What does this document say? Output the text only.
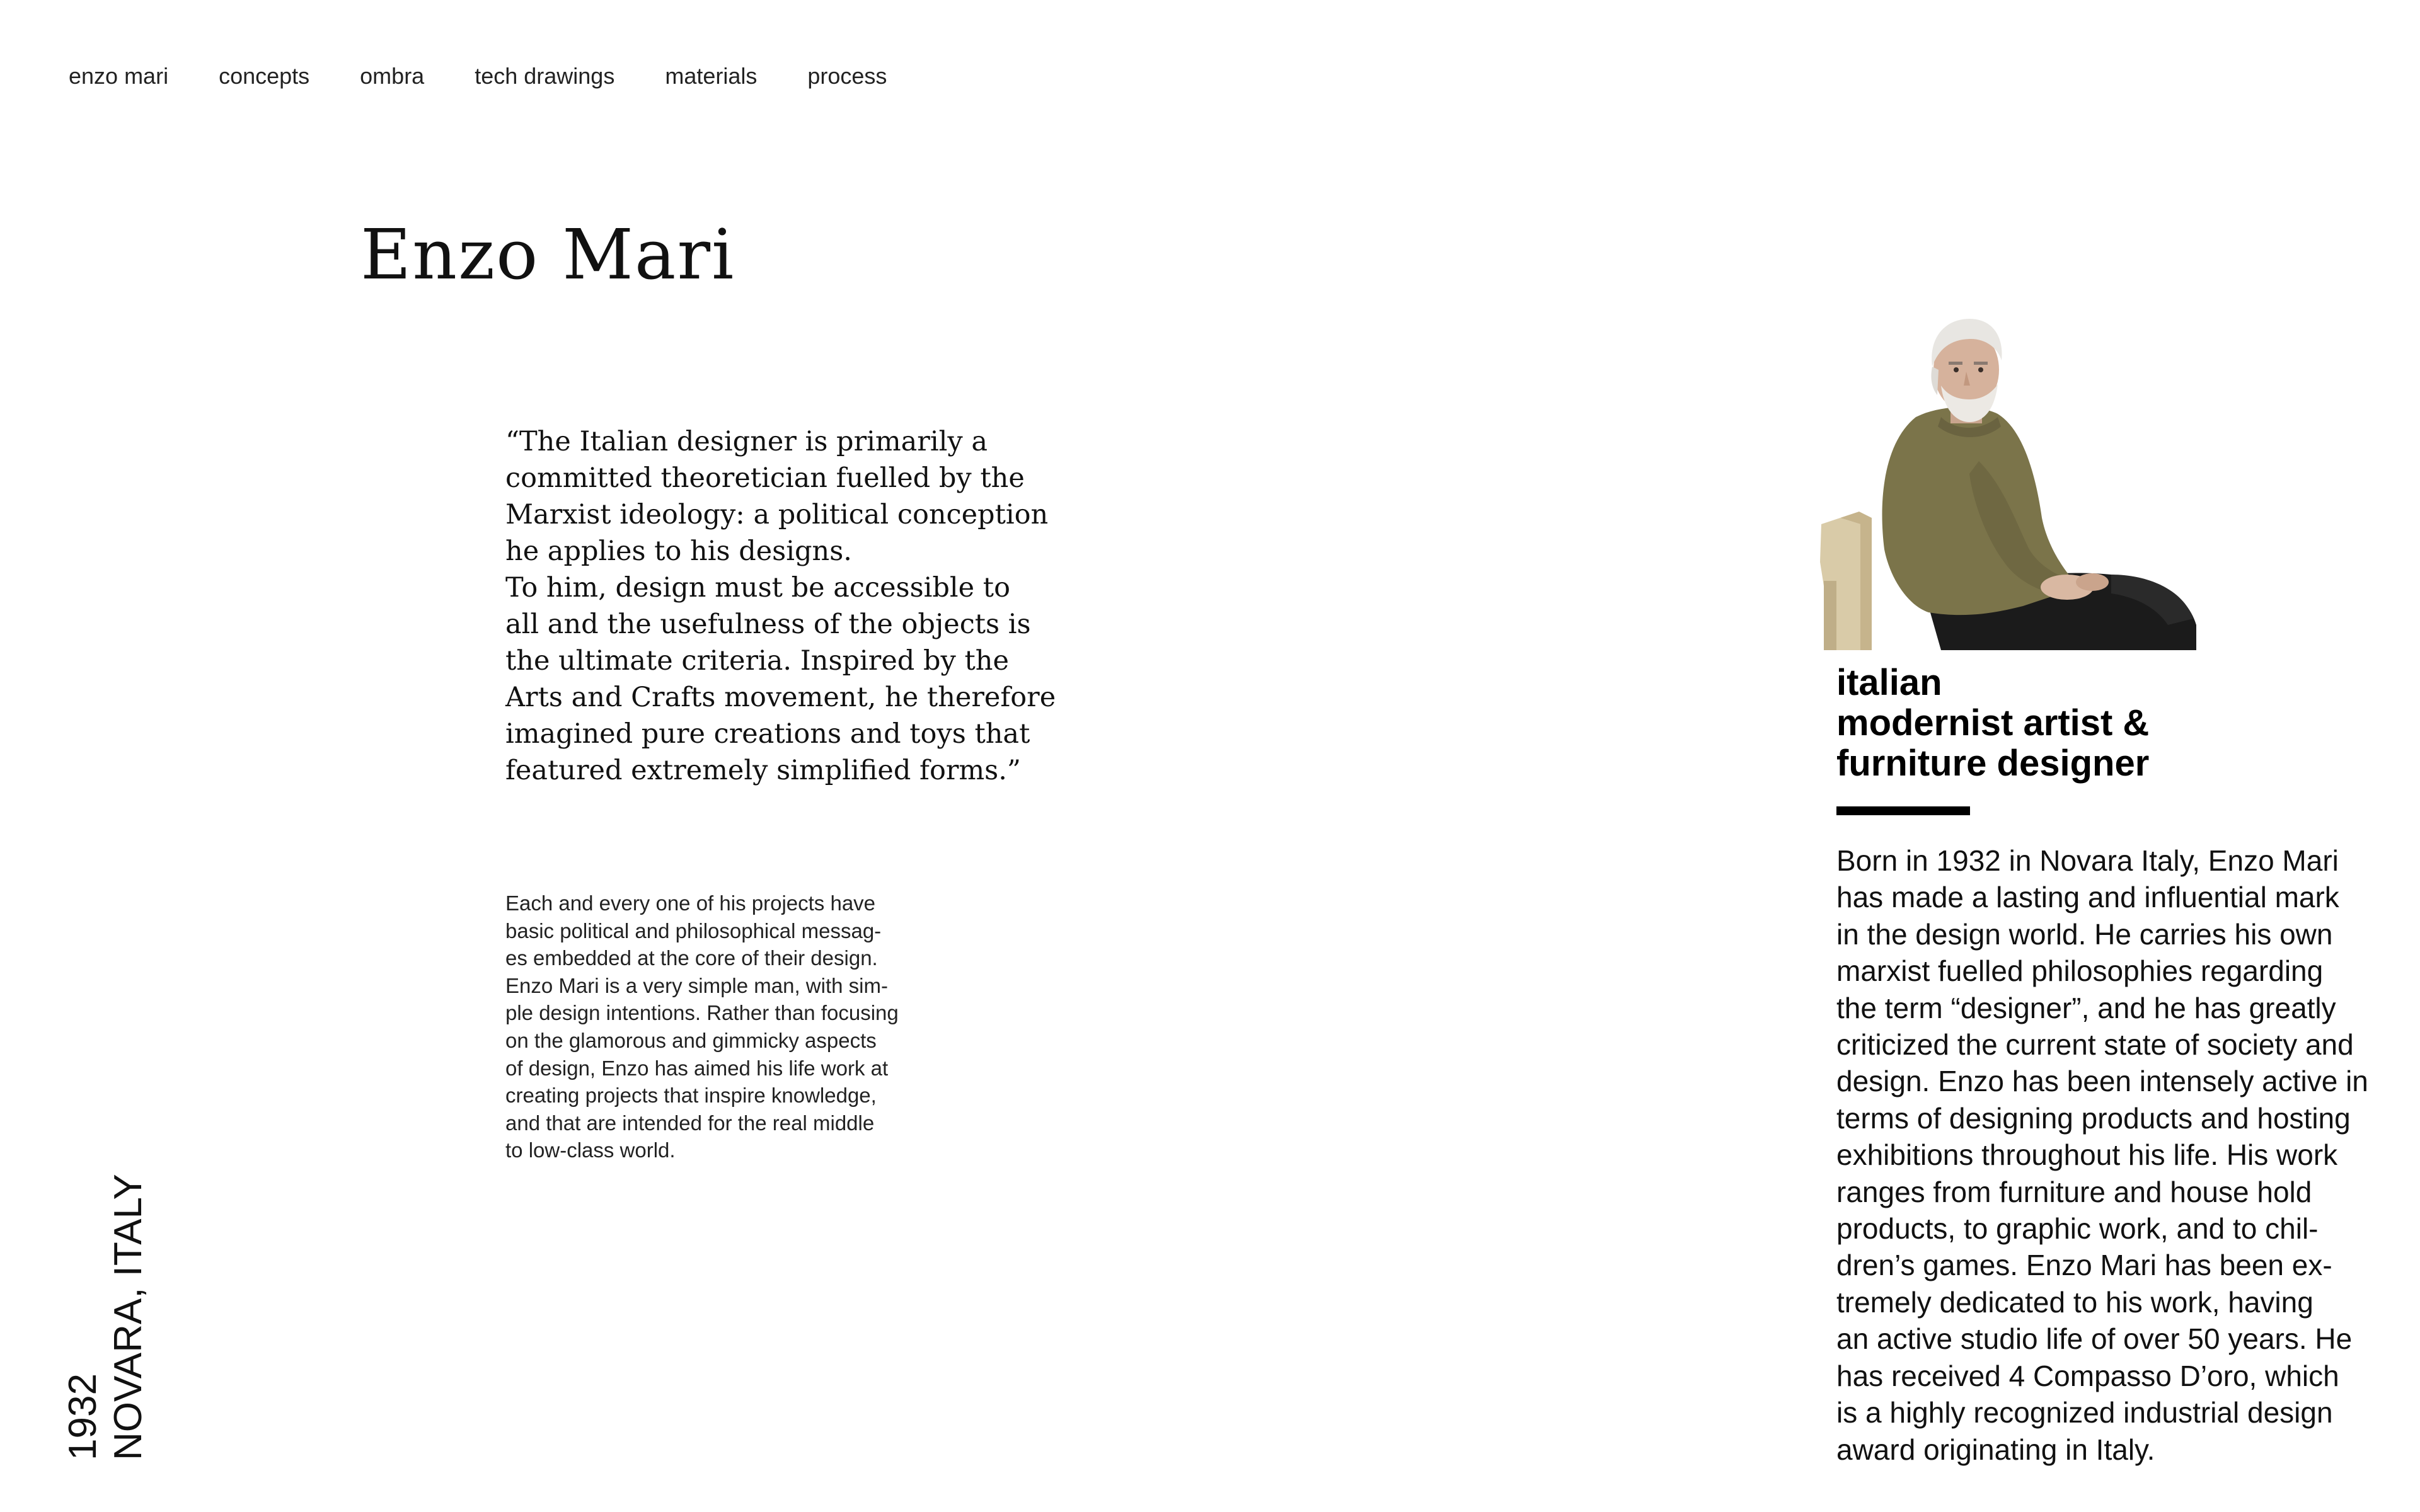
enzo mari concepts ombra tech drawings materials process
Enzo Mari

“The Italian designer is primarily a
committed theoretician fuelled by the
Marxist ideology: a political conception
he applies to his designs.
To him, design must be accessible to
all and the usefulness of the objects is
the ultimate criteria. Inspired by the
Arts and Crafts movement, he therefore
imagined pure creations and toys that
featured extremely simplified forms.”

Each and every one of his projects have
basic political and philosophical messag-
es embedded at the core of their design.
Enzo Mari is a very simple man, with sim-
ple design intentions. Rather than focusing
on the glamorous and gimmicky aspects
of design, Enzo has aimed his life work at
creating projects that inspire knowledge,
and that are intended for the real middle
to low-class world.

1932 NOVARA, ITALY
italian
modernist artist &
furniture designer

Born in 1932 in Novara Italy, Enzo Mari
has made a lasting and influential mark
in the design world. He carries his own
marxist fuelled philosophies regarding
the term “designer”, and he has greatly
criticized the current state of society and
design. Enzo has been intensely active in
terms of designing products and hosting
exhibitions throughout his life. His work
ranges from furniture and house hold
products, to graphic work, and to chil-
dren’s games. Enzo Mari has been ex-
tremely dedicated to his work, having
an active studio life of over 50 years. He
has received 4 Compasso D’oro, which
is a highly recognized industrial design
award originating in Italy.
